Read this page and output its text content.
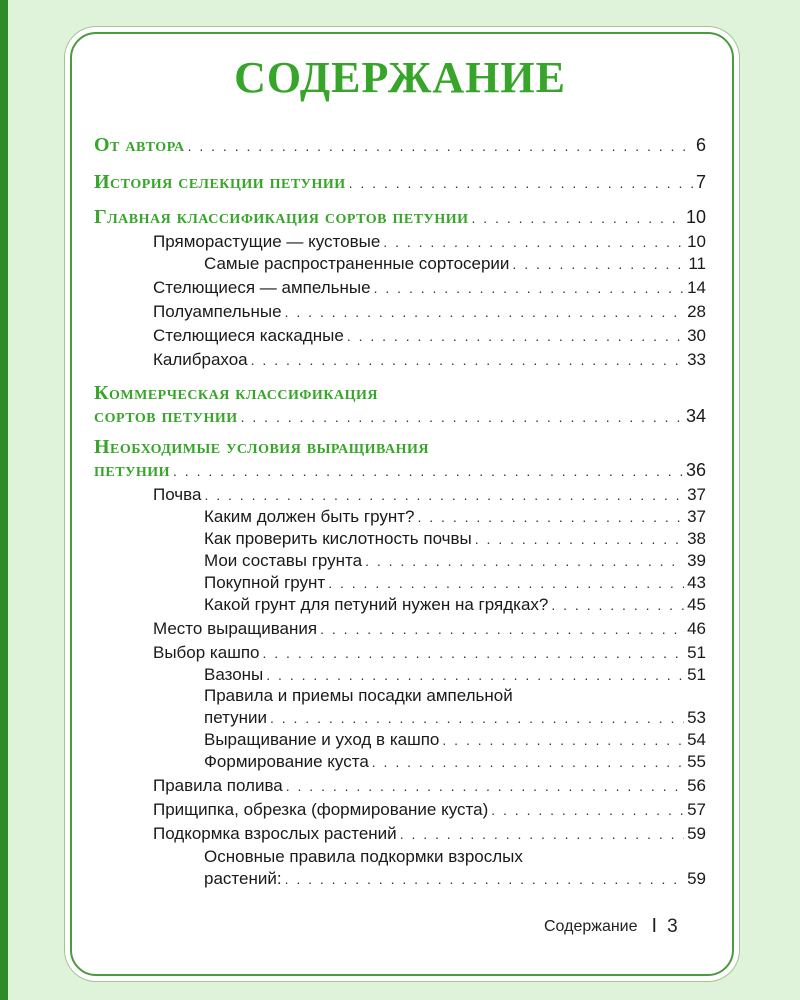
СОДЕРЖАНИЕ
От автора . . .	6
История селекции петунии . . .	7
Главная классификация сортов петунии . . .	10
Пряморастущие — кустовые . . .	10
Самые распространенные сортосерии . . .	11
Стелющиеся — ампельные . . .	14
Полуампельные . . .	28
Стелющиеся каскадные . . .	30
Калибрахоа . . .	33
Коммерческая классификация
сортов петунии . . .	34
Необходимые условия выращивания
петунии . . .	36
Почва . . .	37
Каким должен быть грунт? . . .	37
Как проверить кислотность почвы . . .	38
Мои составы грунта . . .	39
Покупной грунт . . .	43
Какой грунт для петуний нужен на грядках? . . .	45
Место выращивания . . .	46
Выбор кашпо . . .	51
Вазоны . . .	51
Правила и приемы посадки ампельной
петунии . . .	53
Выращивание и уход в кашпо . . .	54
Формирование куста . . .	55
Правила полива . . .	56
Прищипка, обрезка (формирование куста) . . .	57
Подкормка взрослых растений . . .	59
Основные правила подкормки взрослых
растений: . . .	59
Содержание I 3
